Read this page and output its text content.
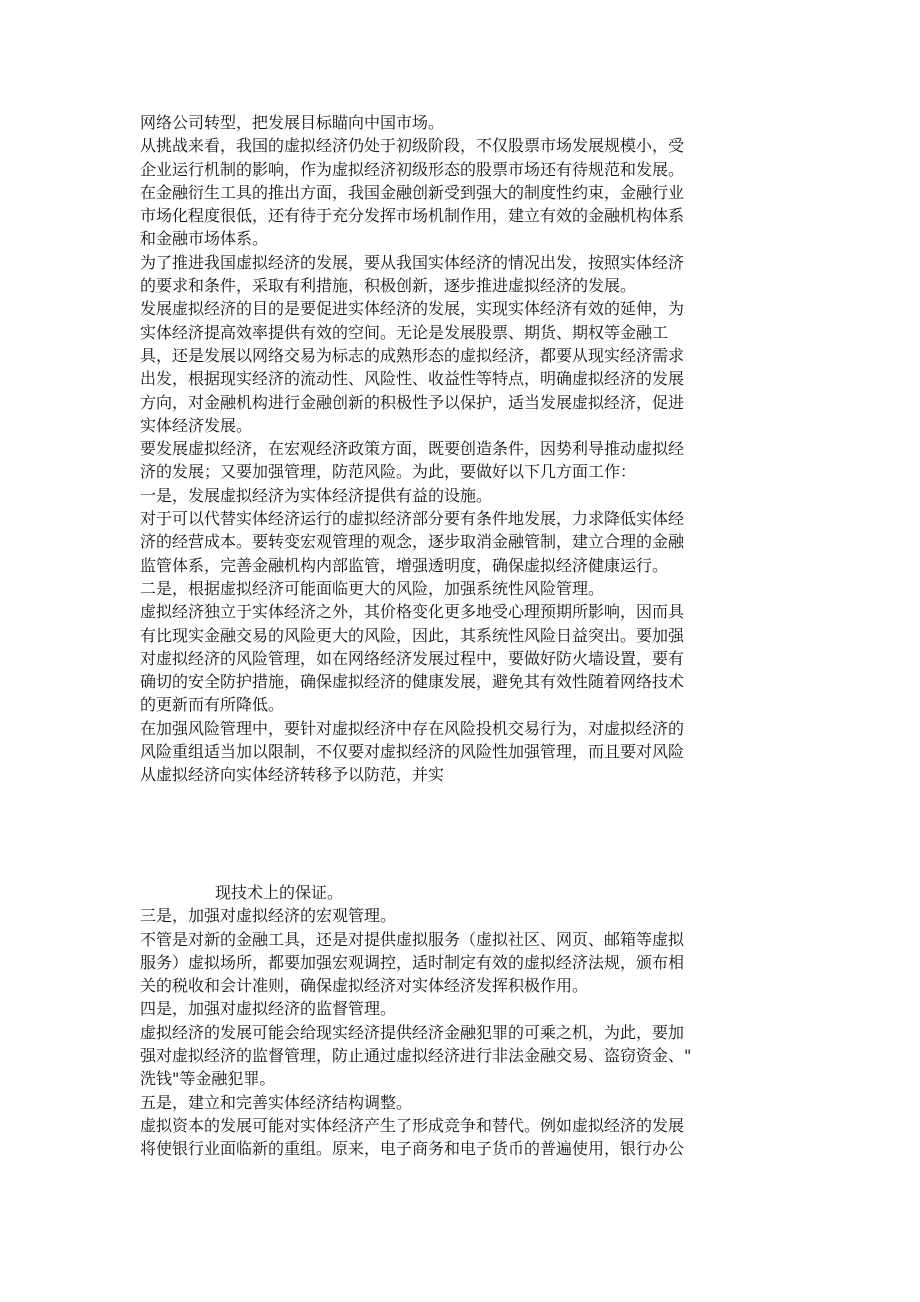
网络公司转型，把发展目标瞄向中国市场。
从挑战来看，我国的虚拟经济仍处于初级阶段，不仅股票市场发展规模小，受
企业运行机制的影响，作为虚拟经济初级形态的股票市场还有待规范和发展。
在金融衍生工具的推出方面，我国金融创新受到强大的制度性约束，金融行业
市场化程度很低，还有待于充分发挥市场机制作用，建立有效的金融机构体系
和金融市场体系。
为了推进我国虚拟经济的发展，要从我国实体经济的情况出发，按照实体经济
的要求和条件，采取有利措施，积极创新，逐步推进虚拟经济的发展。
发展虚拟经济的目的是要促进实体经济的发展，实现实体经济有效的延伸，为
实体经济提高效率提供有效的空间。无论是发展股票、期货、期权等金融工
具，还是发展以网络交易为标志的成熟形态的虚拟经济，都要从现实经济需求
出发，根据现实经济的流动性、风险性、收益性等特点，明确虚拟经济的发展
方向，对金融机构进行金融创新的积极性予以保护，适当发展虚拟经济，促进
实体经济发展。
要发展虚拟经济，在宏观经济政策方面，既要创造条件，因势利导推动虚拟经
济的发展；又要加强管理，防范风险。为此，要做好以下几方面工作：
一是，发展虚拟经济为实体经济提供有益的设施。
对于可以代替实体经济运行的虚拟经济部分要有条件地发展，力求降低实体经
济的经营成本。要转变宏观管理的观念，逐步取消金融管制，建立合理的金融
监管体系，完善金融机构内部监管，增强透明度，确保虚拟经济健康运行。
二是，根据虚拟经济可能面临更大的风险，加强系统性风险管理。
虚拟经济独立于实体经济之外，其价格变化更多地受心理预期所影响，因而具
有比现实金融交易的风险更大的风险，因此，其系统性风险日益突出。要加强
对虚拟经济的风险管理，如在网络经济发展过程中，要做好防火墙设置，要有
确切的安全防护措施，确保虚拟经济的健康发展，避免其有效性随着网络技术
的更新而有所降低。
在加强风险管理中，要针对虚拟经济中存在风险投机交易行为，对虚拟经济的
风险重组适当加以限制，不仅要对虚拟经济的风险性加强管理，而且要对风险
从虚拟经济向实体经济转移予以防范，并实
现技术上的保证。
三是，加强对虚拟经济的宏观管理。
不管是对新的金融工具，还是对提供虚拟服务（虚拟社区、网页、邮箱等虚拟
服务）虚拟场所，都要加强宏观调控，适时制定有效的虚拟经济法规，颁布相
关的税收和会计准则，确保虚拟经济对实体经济发挥积极作用。
四是，加强对虚拟经济的监督管理。
虚拟经济的发展可能会给现实经济提供经济金融犯罪的可乘之机，为此，要加
强对虚拟经济的监督管理，防止通过虚拟经济进行非法金融交易、盗窃资金、"
洗钱"等金融犯罪。
五是，建立和完善实体经济结构调整。
虚拟资本的发展可能对实体经济产生了形成竞争和替代。例如虚拟经济的发展
将使银行业面临新的重组。原来，电子商务和电子货币的普遍使用，银行办公
